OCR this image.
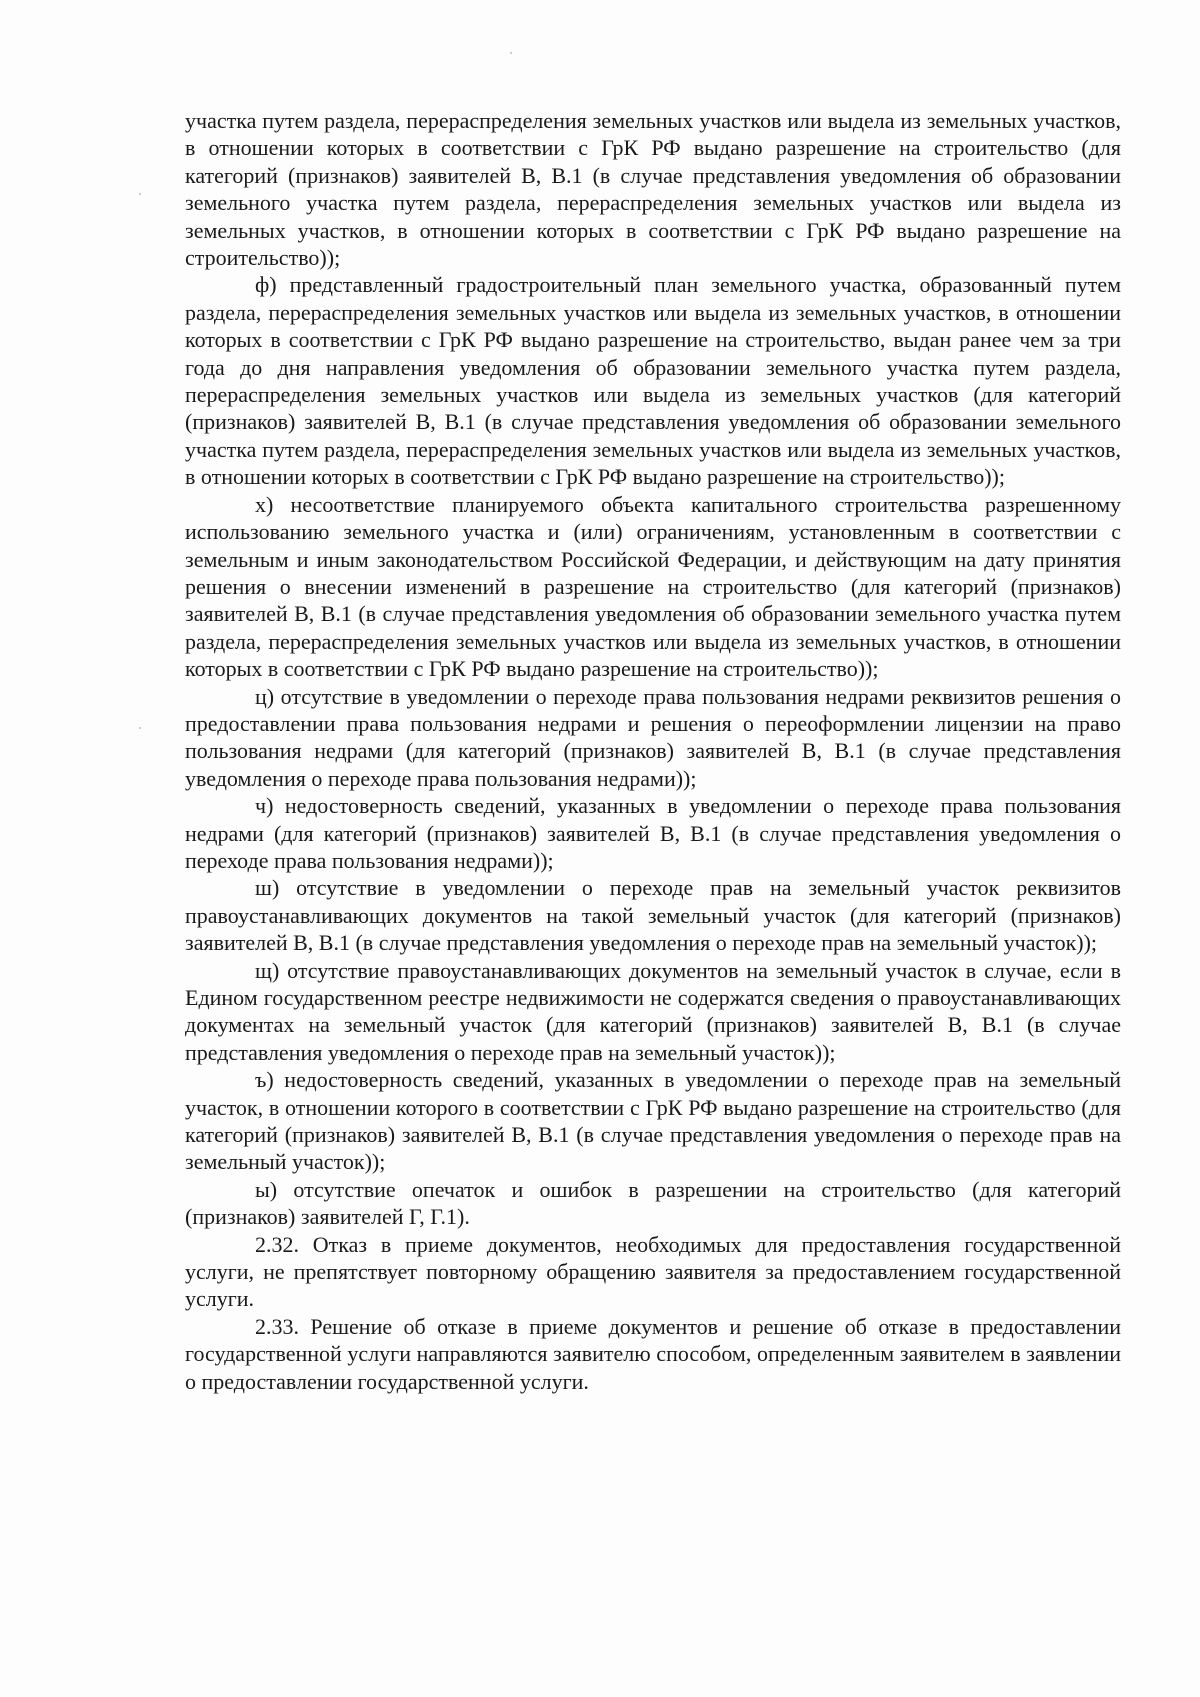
участка путем раздела, перераспределения земельных участков или выдела из земельных участков, в отношении которых в соответствии с ГрК РФ выдано разрешение на строительство (для категорий (признаков) заявителей В, В.1 (в случае представления уведомления об образовании земельного участка путем раздела, перераспределения земельных участков или выдела из земельных участков, в отношении которых в соответствии с ГрК РФ выдано разрешение на строительство));

ф) представленный градостроительный план земельного участка, образованный путем раздела, перераспределения земельных участков или выдела из земельных участков, в отношении которых в соответствии с ГрК РФ выдано разрешение на строительство, выдан ранее чем за три года до дня направления уведомления об образовании земельного участка путем раздела, перераспределения земельных участков или выдела из земельных участков (для категорий (признаков) заявителей В, В.1 (в случае представления уведомления об образовании земельного участка путем раздела, перераспределения земельных участков или выдела из земельных участков, в отношении которых в соответствии с ГрК РФ выдано разрешение на строительство));

х) несоответствие планируемого объекта капитального строительства разрешенному использованию земельного участка и (или) ограничениям, установленным в соответствии с земельным и иным законодательством Российской Федерации, и действующим на дату принятия решения о внесении изменений в разрешение на строительство (для категорий (признаков) заявителей В, В.1 (в случае представления уведомления об образовании земельного участка путем раздела, перераспределения земельных участков или выдела из земельных участков, в отношении которых в соответствии с ГрК РФ выдано разрешение на строительство));

ц) отсутствие в уведомлении о переходе права пользования недрами реквизитов решения о предоставлении права пользования недрами и решения о переоформлении лицензии на право пользования недрами (для категорий (признаков) заявителей В, В.1 (в случае представления уведомления о переходе права пользования недрами));

ч) недостоверность сведений, указанных в уведомлении о переходе права пользования недрами (для категорий (признаков) заявителей В, В.1 (в случае представления уведомления о переходе права пользования недрами));

ш) отсутствие в уведомлении о переходе прав на земельный участок реквизитов правоустанавливающих документов на такой земельный участок (для категорий (признаков) заявителей В, В.1 (в случае представления уведомления о переходе прав на земельный участок));

щ) отсутствие правоустанавливающих документов на земельный участок в случае, если в Едином государственном реестре недвижимости не содержатся сведения о правоустанавливающих документах на земельный участок (для категорий (признаков) заявителей В, В.1 (в случае представления уведомления о переходе прав на земельный участок));

ъ) недостоверность сведений, указанных в уведомлении о переходе прав на земельный участок, в отношении которого в соответствии с ГрК РФ выдано разрешение на строительство (для категорий (признаков) заявителей В, В.1 (в случае представления уведомления о переходе прав на земельный участок));

ы) отсутствие опечаток и ошибок в разрешении на строительство (для категорий (признаков) заявителей Г, Г.1).

2.32. Отказ в приеме документов, необходимых для предоставления государственной услуги, не препятствует повторному обращению заявителя за предоставлением государственной услуги.

2.33. Решение об отказе в приеме документов и решение об отказе в предоставлении государственной услуги направляются заявителю способом, определенным заявителем в заявлении о предоставлении государственной услуги.
